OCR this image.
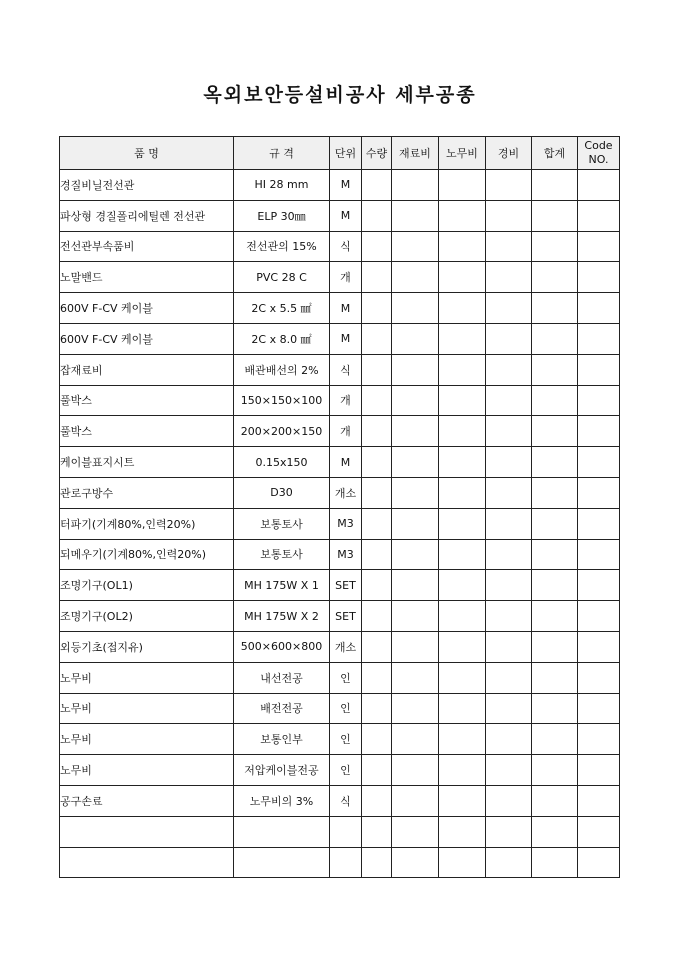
옥외보안등설비공사 세부공종
품 명	규 격	단위	수량	재료비	노무비	경비	합계	Code
NO.
경질비닐전선관	HI 28 mm	M						
파상형 경질폴리에틸렌 전선관	ELP 30㎜	M						
전선관부속품비	전선관의 15%	식						
노말밴드	PVC 28 C	개						
600V F-CV 케이블	2C x 5.5 ㎟	M						
600V F-CV 케이블	2C x 8.0 ㎟	M						
잡재료비	배관배선의 2%	식						
풀박스	150×150×100	개						
풀박스	200×200×150	개						
케이블표지시트	0.15x150	M						
관로구방수	D30	개소						
터파기(기계80%,인력20%)	보통토사	M3						
되메우기(기계80%,인력20%)	보통토사	M3						
조명기구(OL1)	MH 175W X 1	SET						
조명기구(OL2)	MH 175W X 2	SET						
외등기초(접지유)	500×600×800	개소						
노무비	내선전공	인						
노무비	배전전공	인						
노무비	보통인부	인						
노무비	저압케이블전공	인						
공구손료	노무비의 3%	식						
